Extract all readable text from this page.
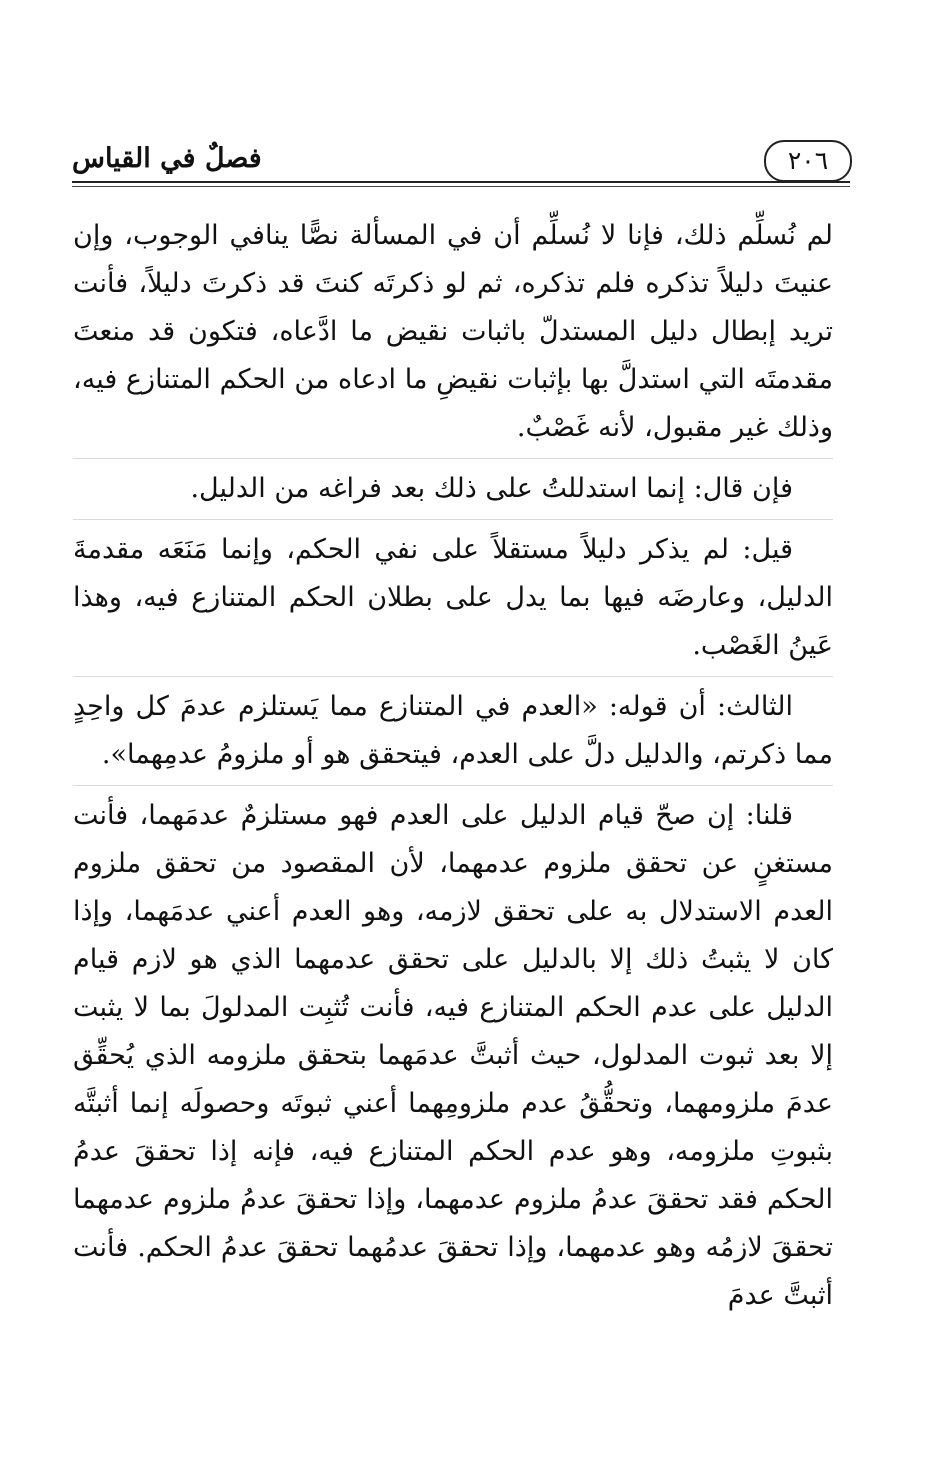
٢٠٦
فصلٌ في القياس

لم نُسلِّم ذلك، فإنا لا نُسلِّم أن في المسألة نصًّا ينافي الوجوب، وإن عنيتَ دليلاً تذكره فلم تذكره، ثم لو ذكرتَه كنتَ قد ذكرتَ دليلاً، فأنت تريد إبطال دليل المستدلّ باثبات نقيض ما ادَّعاه، فتكون قد منعتَ مقدمتَه التي استدلَّ بها بإثبات نقيضِ ما ادعاه من الحكم المتنازع فيه، وذلك غير مقبول، لأنه غَصْبٌ.

فإن قال: إنما استدللتُ على ذلك بعد فراغه من الدليل.

قيل: لم يذكر دليلاً مستقلاً على نفي الحكم، وإنما مَنَعَه مقدمةَ الدليل، وعارضَه فيها بما يدل على بطلان الحكم المتنازع فيه، وهذا عَينُ الغَصْب.

الثالث: أن قوله: «العدم في المتنازع مما يَستلزم عدمَ كل واحِدٍ مما ذكرتم، والدليل دلَّ على العدم، فيتحقق هو أو ملزومُ عدمِهما».

قلنا: إن صحّ قيام الدليل على العدم فهو مستلزمٌ عدمَهما، فأنت مستغنٍ عن تحقق ملزوم عدمهما، لأن المقصود من تحقق ملزوم العدم الاستدلال به على تحقق لازمه، وهو العدم أعني عدمَهما، وإذا كان لا يثبتُ ذلك إلا بالدليل على تحقق عدمهما الذي هو لازم قيام الدليل على عدم الحكم المتنازع فيه، فأنت تُثبِت المدلولَ بما لا يثبت إلا بعد ثبوت المدلول، حيث أثبتَّ عدمَهما بتحقق ملزومه الذي يُحقِّق عدمَ ملزومهما، وتحقُّقُ عدم ملزومِهما أعني ثبوتَه وحصولَه إنما أثبتَّه بثبوتِ ملزومه، وهو عدم الحكم المتنازع فيه، فإنه إذا تحققَ عدمُ الحكم فقد تحققَ عدمُ ملزوم عدمهما، وإذا تحققَ عدمُ ملزوم عدمهما تحققَ لازمُه وهو عدمهما، وإذا تحققَ عدمُهما تحققَ عدمُ الحكم. فأنت أثبتَّ عدمَ
